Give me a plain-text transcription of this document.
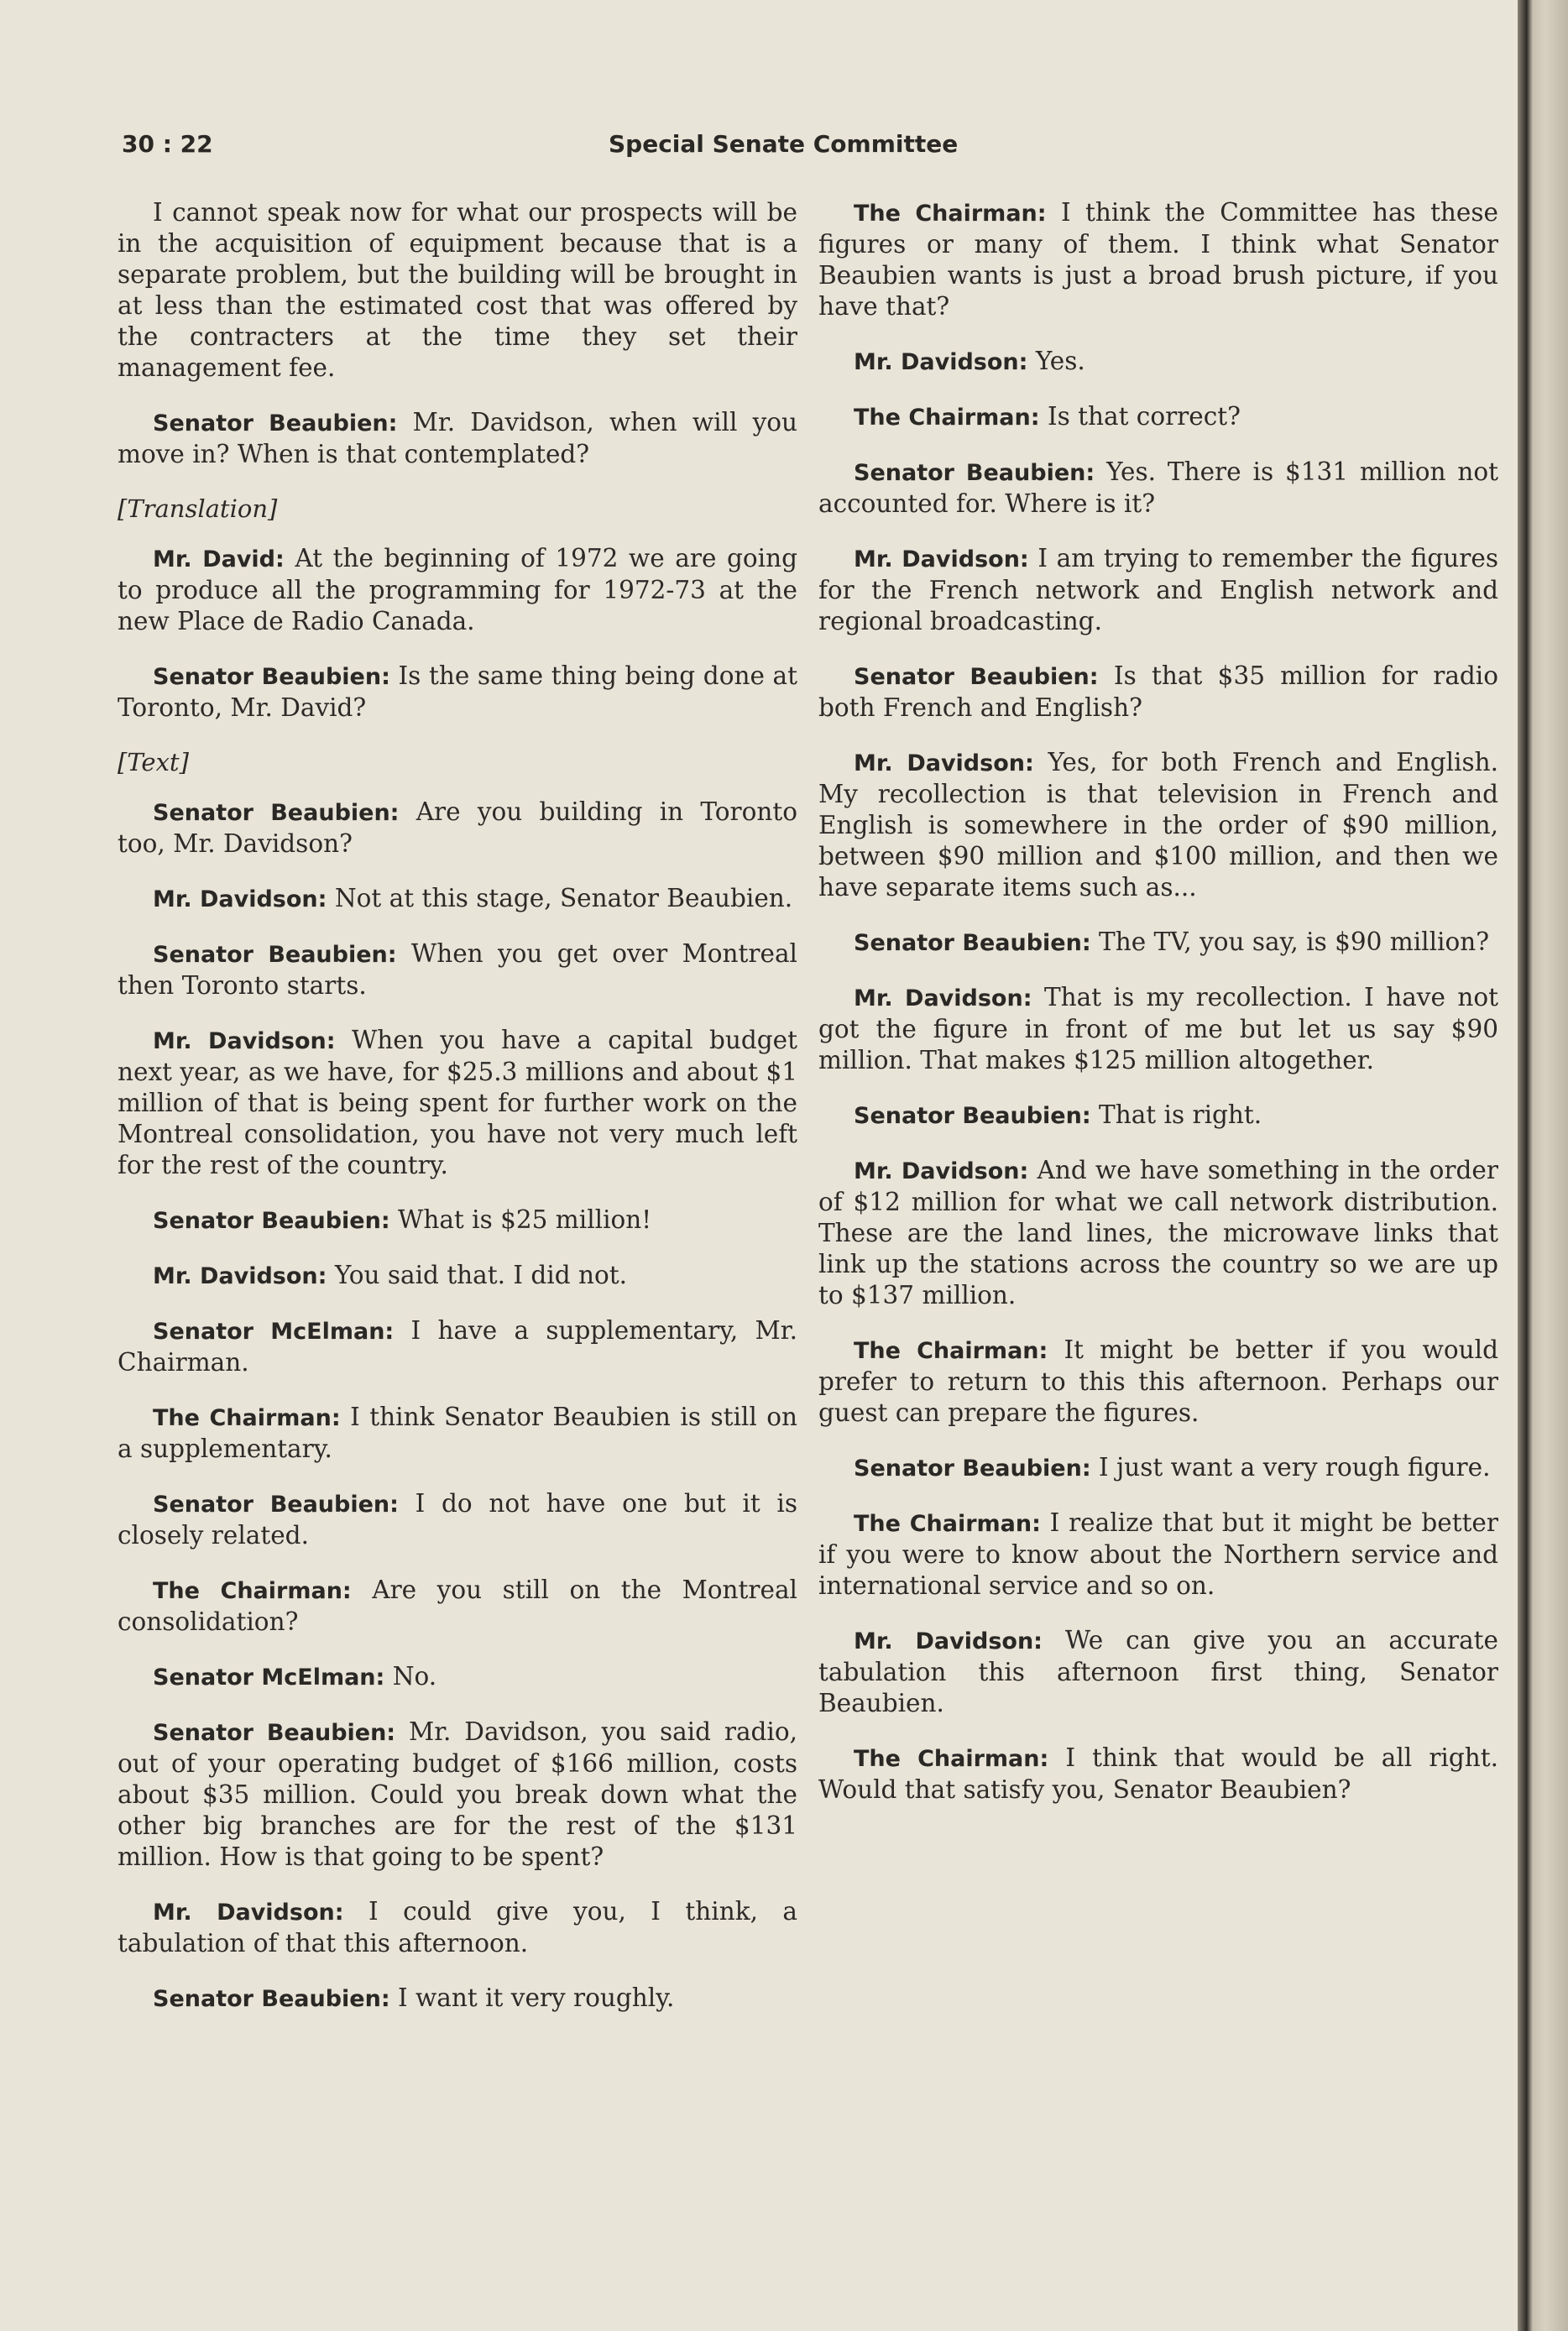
30 : 22	Special Senate Committee

I cannot speak now for what our prospects will be in the acquisition of equipment because that is a separate problem, but the building will be brought in at less than the estimated cost that was offered by the contracters at the time they set their management fee.

Senator Beaubien: Mr. Davidson, when will you move in? When is that contemplated?

[Translation]

Mr. David: At the beginning of 1972 we are going to produce all the programming for 1972-73 at the new Place de Radio Canada.

Senator Beaubien: Is the same thing being done at Toronto, Mr. David?

[Text]

Senator Beaubien: Are you building in Toronto too, Mr. Davidson?

Mr. Davidson: Not at this stage, Senator Beaubien.

Senator Beaubien: When you get over Montreal then Toronto starts.

Mr. Davidson: When you have a capital budget next year, as we have, for $25.3 millions and about $1 million of that is being spent for further work on the Montreal consolidation, you have not very much left for the rest of the country.

Senator Beaubien: What is $25 million!

Mr. Davidson: You said that. I did not.

Senator McElman: I have a supplementary, Mr. Chairman.

The Chairman: I think Senator Beaubien is still on a supplementary.

Senator Beaubien: I do not have one but it is closely related.

The Chairman: Are you still on the Montreal consolidation?

Senator McElman: No.

Senator Beaubien: Mr. Davidson, you said radio, out of your operating budget of $166 million, costs about $35 million. Could you break down what the other big branches are for the rest of the $131 million. How is that going to be spent?

Mr. Davidson: I could give you, I think, a tabulation of that this afternoon.

Senator Beaubien: I want it very roughly.

The Chairman: I think the Committee has these figures or many of them. I think what Senator Beaubien wants is just a broad brush picture, if you have that?

Mr. Davidson: Yes.

The Chairman: Is that correct?

Senator Beaubien: Yes. There is $131 million not accounted for. Where is it?

Mr. Davidson: I am trying to remember the figures for the French network and English network and regional broadcasting.

Senator Beaubien: Is that $35 million for radio both French and English?

Mr. Davidson: Yes, for both French and English. My recollection is that television in French and English is somewhere in the order of $90 million, between $90 million and $100 million, and then we have separate items such as...

Senator Beaubien: The TV, you say, is $90 million?

Mr. Davidson: That is my recollection. I have not got the figure in front of me but let us say $90 million. That makes $125 million altogether.

Senator Beaubien: That is right.

Mr. Davidson: And we have something in the order of $12 million for what we call network distribution. These are the land lines, the microwave links that link up the stations across the country so we are up to $137 million.

The Chairman: It might be better if you would prefer to return to this this afternoon. Perhaps our guest can prepare the figures.

Senator Beaubien: I just want a very rough figure.

The Chairman: I realize that but it might be better if you were to know about the Northern service and international service and so on.

Mr. Davidson: We can give you an accurate tabulation this afternoon first thing, Senator Beaubien.

The Chairman: I think that would be all right. Would that satisfy you, Senator Beaubien?
